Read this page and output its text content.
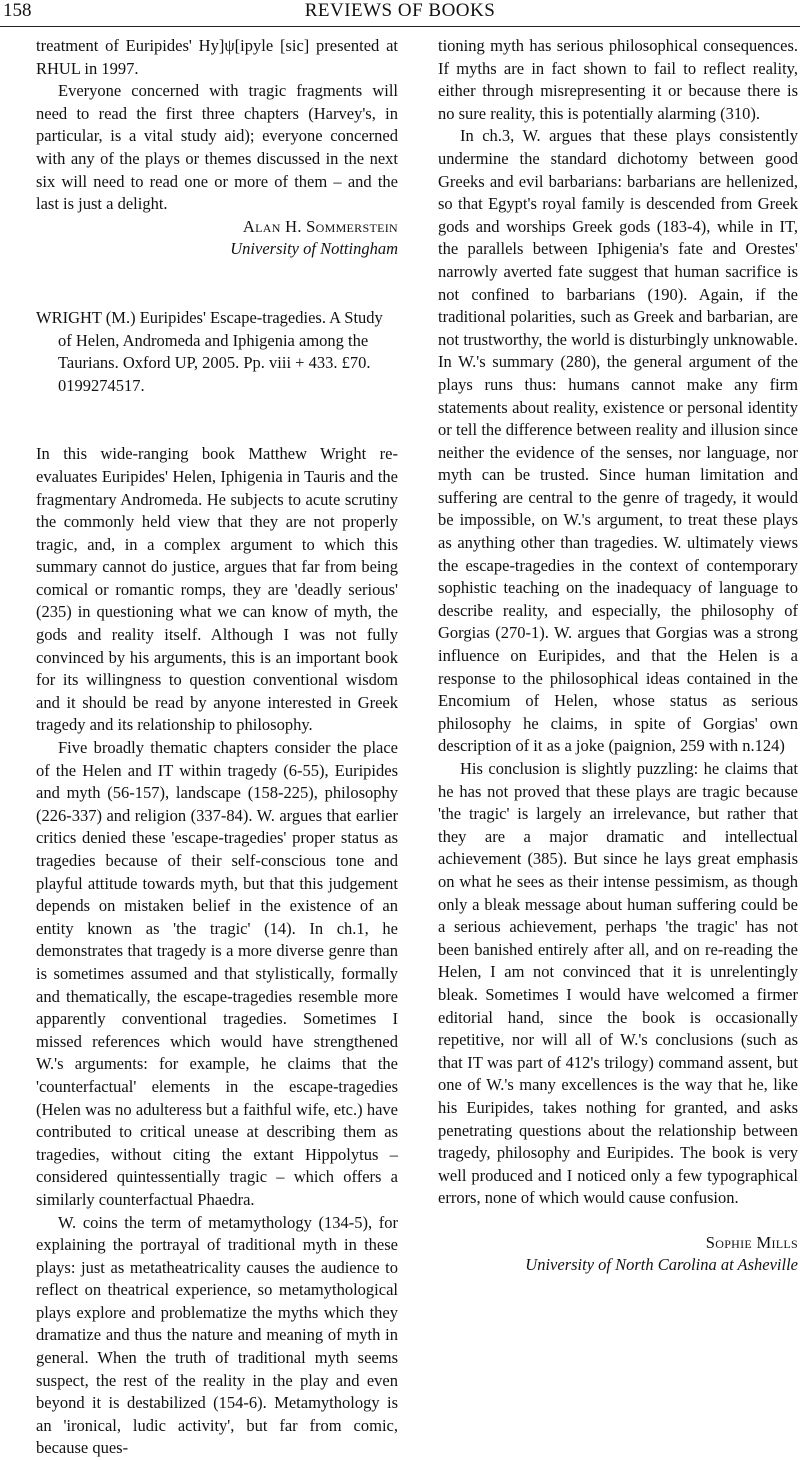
158	REVIEWS OF BOOKS

treatment of Euripides' Hy]ψ[ipyle [sic] presented at RHUL in 1997.

Everyone concerned with tragic fragments will need to read the first three chapters (Harvey's, in particular, is a vital study aid); everyone concerned with any of the plays or themes discussed in the next six will need to read one or more of them – and the last is just a delight.

Alan H. Sommerstein
University of Nottingham

WRIGHT (M.) Euripides' Escape-tragedies. A Study of Helen, Andromeda and Iphigenia among the Taurians. Oxford UP, 2005. Pp. viii + 433. £70. 0199274517.

In this wide-ranging book Matthew Wright re-evaluates Euripides' Helen, Iphigenia in Tauris and the fragmentary Andromeda. He subjects to acute scrutiny the commonly held view that they are not properly tragic, and, in a complex argument to which this summary cannot do justice, argues that far from being comical or romantic romps, they are 'deadly serious' (235) in questioning what we can know of myth, the gods and reality itself. Although I was not fully convinced by his arguments, this is an important book for its willingness to question conventional wisdom and it should be read by anyone interested in Greek tragedy and its relationship to philosophy.

Five broadly thematic chapters consider the place of the Helen and IT within tragedy (6-55), Euripides and myth (56-157), landscape (158-225), philosophy (226-337) and religion (337-84). W. argues that earlier critics denied these 'escape-tragedies' proper status as tragedies because of their self-conscious tone and playful attitude towards myth, but that this judgement depends on mistaken belief in the existence of an entity known as 'the tragic' (14). In ch.1, he demonstrates that tragedy is a more diverse genre than is sometimes assumed and that stylistically, formally and thematically, the escape-tragedies resemble more apparently conventional tragedies. Sometimes I missed references which would have strengthened W.'s arguments: for example, he claims that the 'counterfactual' elements in the escape-tragedies (Helen was no adulteress but a faithful wife, etc.) have contributed to critical unease at describing them as tragedies, without citing the extant Hippolytus – considered quintessentially tragic – which offers a similarly counterfactual Phaedra.

W. coins the term of metamythology (134-5), for explaining the portrayal of traditional myth in these plays: just as metatheatricality causes the audience to reflect on theatrical experience, so metamythological plays explore and problematize the myths which they dramatize and thus the nature and meaning of myth in general. When the truth of traditional myth seems suspect, the rest of the reality in the play and even beyond it is destabilized (154-6). Metamythology is an 'ironical, ludic activity', but far from comic, because ques-

tioning myth has serious philosophical consequences. If myths are in fact shown to fail to reflect reality, either through misrepresenting it or because there is no sure reality, this is potentially alarming (310).

In ch.3, W. argues that these plays consistently undermine the standard dichotomy between good Greeks and evil barbarians: barbarians are hellenized, so that Egypt's royal family is descended from Greek gods and worships Greek gods (183-4), while in IT, the parallels between Iphigenia's fate and Orestes' narrowly averted fate suggest that human sacrifice is not confined to barbarians (190). Again, if the traditional polarities, such as Greek and barbarian, are not trustworthy, the world is disturbingly unknowable. In W.'s summary (280), the general argument of the plays runs thus: humans cannot make any firm statements about reality, existence or personal identity or tell the difference between reality and illusion since neither the evidence of the senses, nor language, nor myth can be trusted. Since human limitation and suffering are central to the genre of tragedy, it would be impossible, on W.'s argument, to treat these plays as anything other than tragedies. W. ultimately views the escape-tragedies in the context of contemporary sophistic teaching on the inadequacy of language to describe reality, and especially, the philosophy of Gorgias (270-1). W. argues that Gorgias was a strong influence on Euripides, and that the Helen is a response to the philosophical ideas contained in the Encomium of Helen, whose status as serious philosophy he claims, in spite of Gorgias' own description of it as a joke (paignion, 259 with n.124)

His conclusion is slightly puzzling: he claims that he has not proved that these plays are tragic because 'the tragic' is largely an irrelevance, but rather that they are a major dramatic and intellectual achievement (385). But since he lays great emphasis on what he sees as their intense pessimism, as though only a bleak message about human suffering could be a serious achievement, perhaps 'the tragic' has not been banished entirely after all, and on re-reading the Helen, I am not convinced that it is unrelentingly bleak. Sometimes I would have welcomed a firmer editorial hand, since the book is occasionally repetitive, nor will all of W.'s conclusions (such as that IT was part of 412's trilogy) command assent, but one of W.'s many excellences is the way that he, like his Euripides, takes nothing for granted, and asks penetrating questions about the relationship between tragedy, philosophy and Euripides. The book is very well produced and I noticed only a few typographical errors, none of which would cause confusion.

Sophie Mills
University of North Carolina at Asheville
